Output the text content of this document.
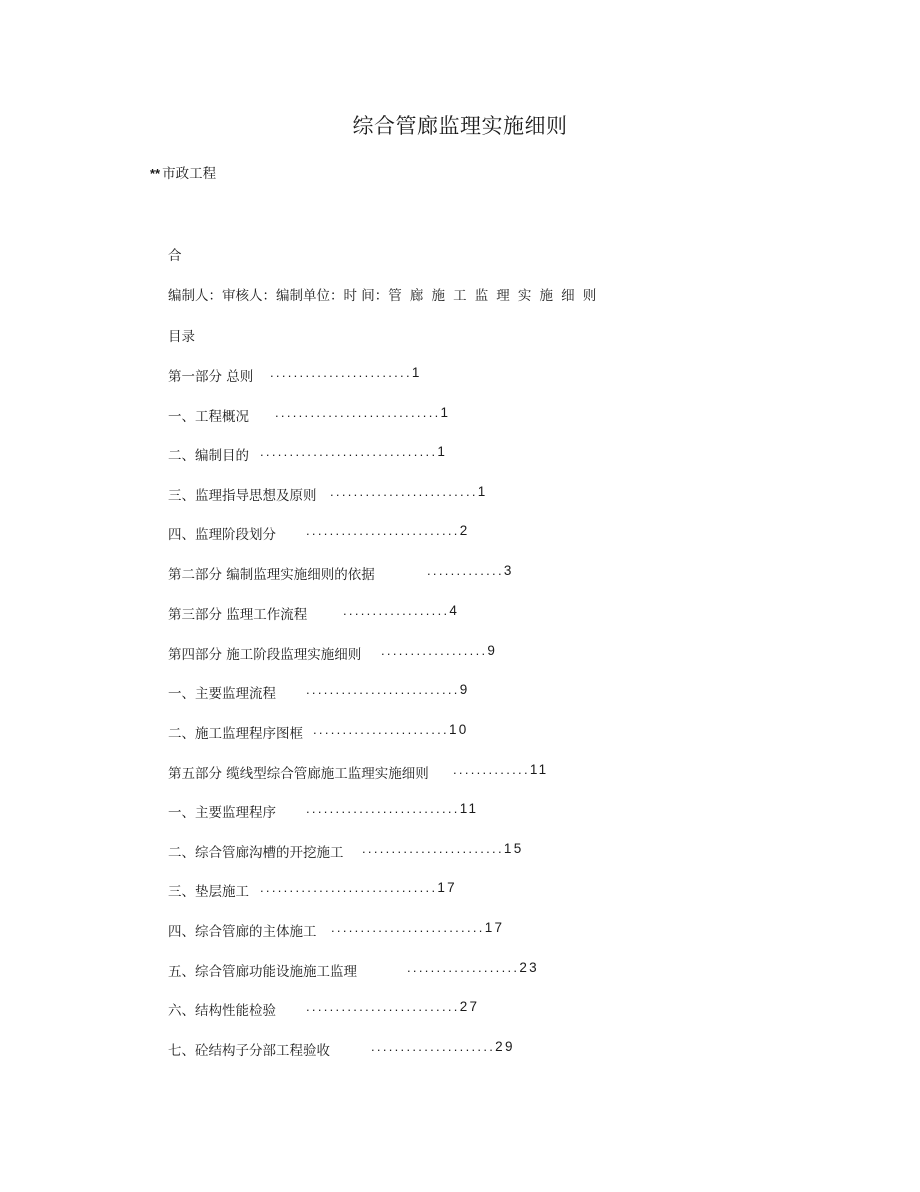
综合管廊监理实施细则
** 市政工程
合
编制人：审核人：编制单位：时 间：管廊施工监理实施细则
目录
第一部分 总则 ........................1
一、工程概况 ............................1
二、编制目的 ..............................1
三、监理指导思想及原则 .........................1
四、监理阶段划分 ..........................2
第二部分 编制监理实施细则的依据	.............3
第三部分 监理工作流程	..................4
第四部分 施工阶段监理实施细则 ..................9
一、主要监理流程 ..........................9
二、施工监理程序图框 .......................10
第五部分 缆线型综合管廊施工监理实施细则 .............11
一、主要监理程序 ..........................11
二、综合管廊沟槽的开挖施工 ........................15
三、垫层施工 ..............................17
四、综合管廊的主体施工 ..........................17
五、综合管廊功能设施施工监理	...................23
六、结构性能检验 ..........................27
七、砼结构子分部工程验收	.....................29
